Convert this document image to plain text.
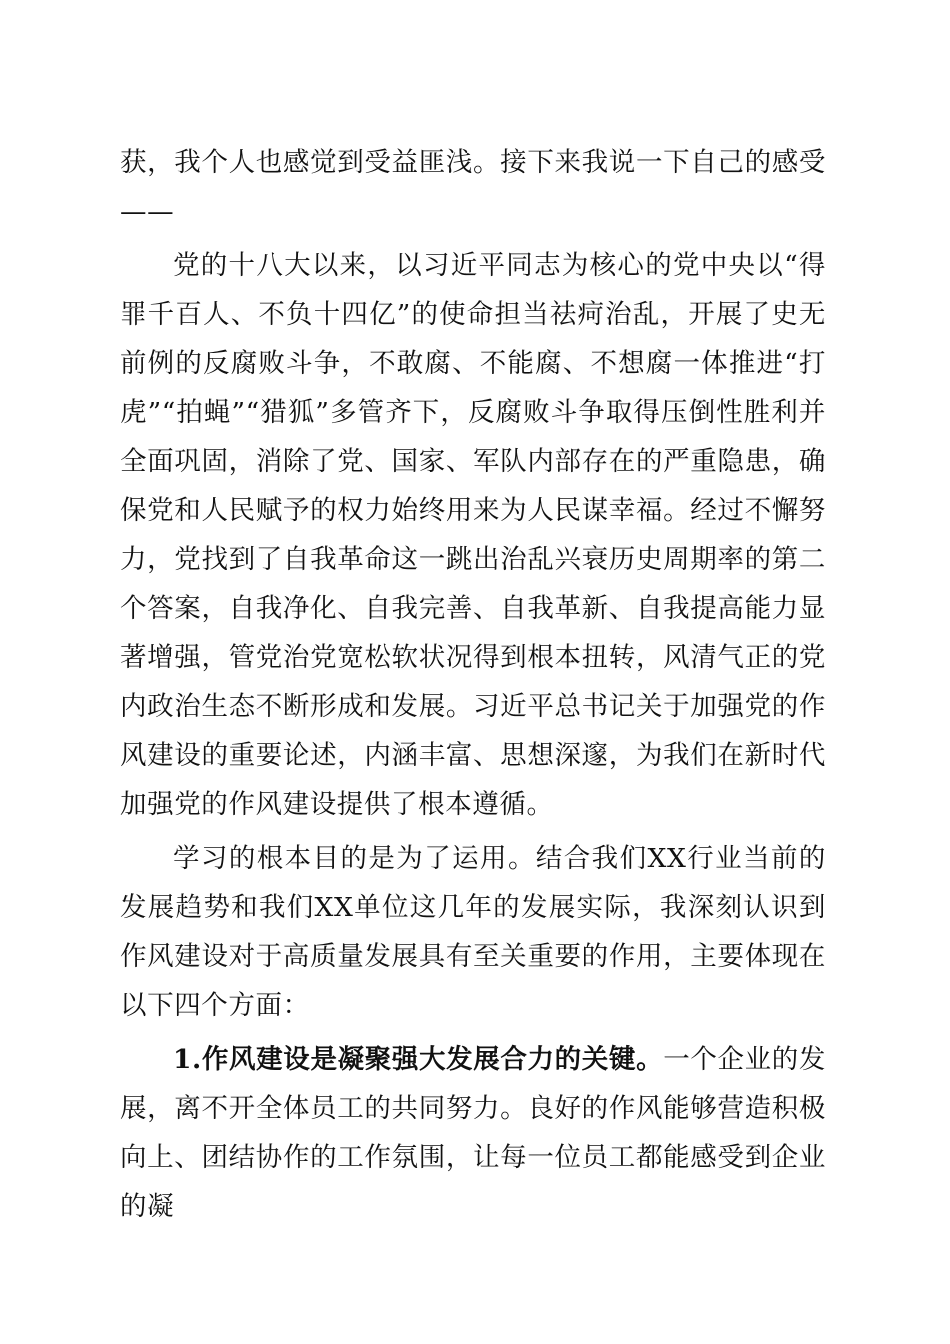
获，我个人也感觉到受益匪浅。接下来我说一下自己的感受——

党的十八大以来，以习近平同志为核心的党中央以“得罪千百人、不负十四亿”的使命担当祛疴治乱，开展了史无前例的反腐败斗争，不敢腐、不能腐、不想腐一体推进“打虎”“拍蝇”“猎狐”多管齐下，反腐败斗争取得压倒性胜利并全面巩固，消除了党、国家、军队内部存在的严重隐患，确保党和人民赋予的权力始终用来为人民谋幸福。经过不懈努力，党找到了自我革命这一跳出治乱兴衰历史周期率的第二个答案，自我净化、自我完善、自我革新、自我提高能力显著增强，管党治党宽松软状况得到根本扭转，风清气正的党内政治生态不断形成和发展。习近平总书记关于加强党的作风建设的重要论述，内涵丰富、思想深邃，为我们在新时代加强党的作风建设提供了根本遵循。

学习的根本目的是为了运用。结合我们XX行业当前的发展趋势和我们XX单位这几年的发展实际，我深刻认识到作风建设对于高质量发展具有至关重要的作用，主要体现在以下四个方面：

1.作风建设是凝聚强大发展合力的关键。一个企业的发展，离不开全体员工的共同努力。良好的作风能够营造积极向上、团结协作的工作氛围，让每一位员工都能感受到企业的凝
